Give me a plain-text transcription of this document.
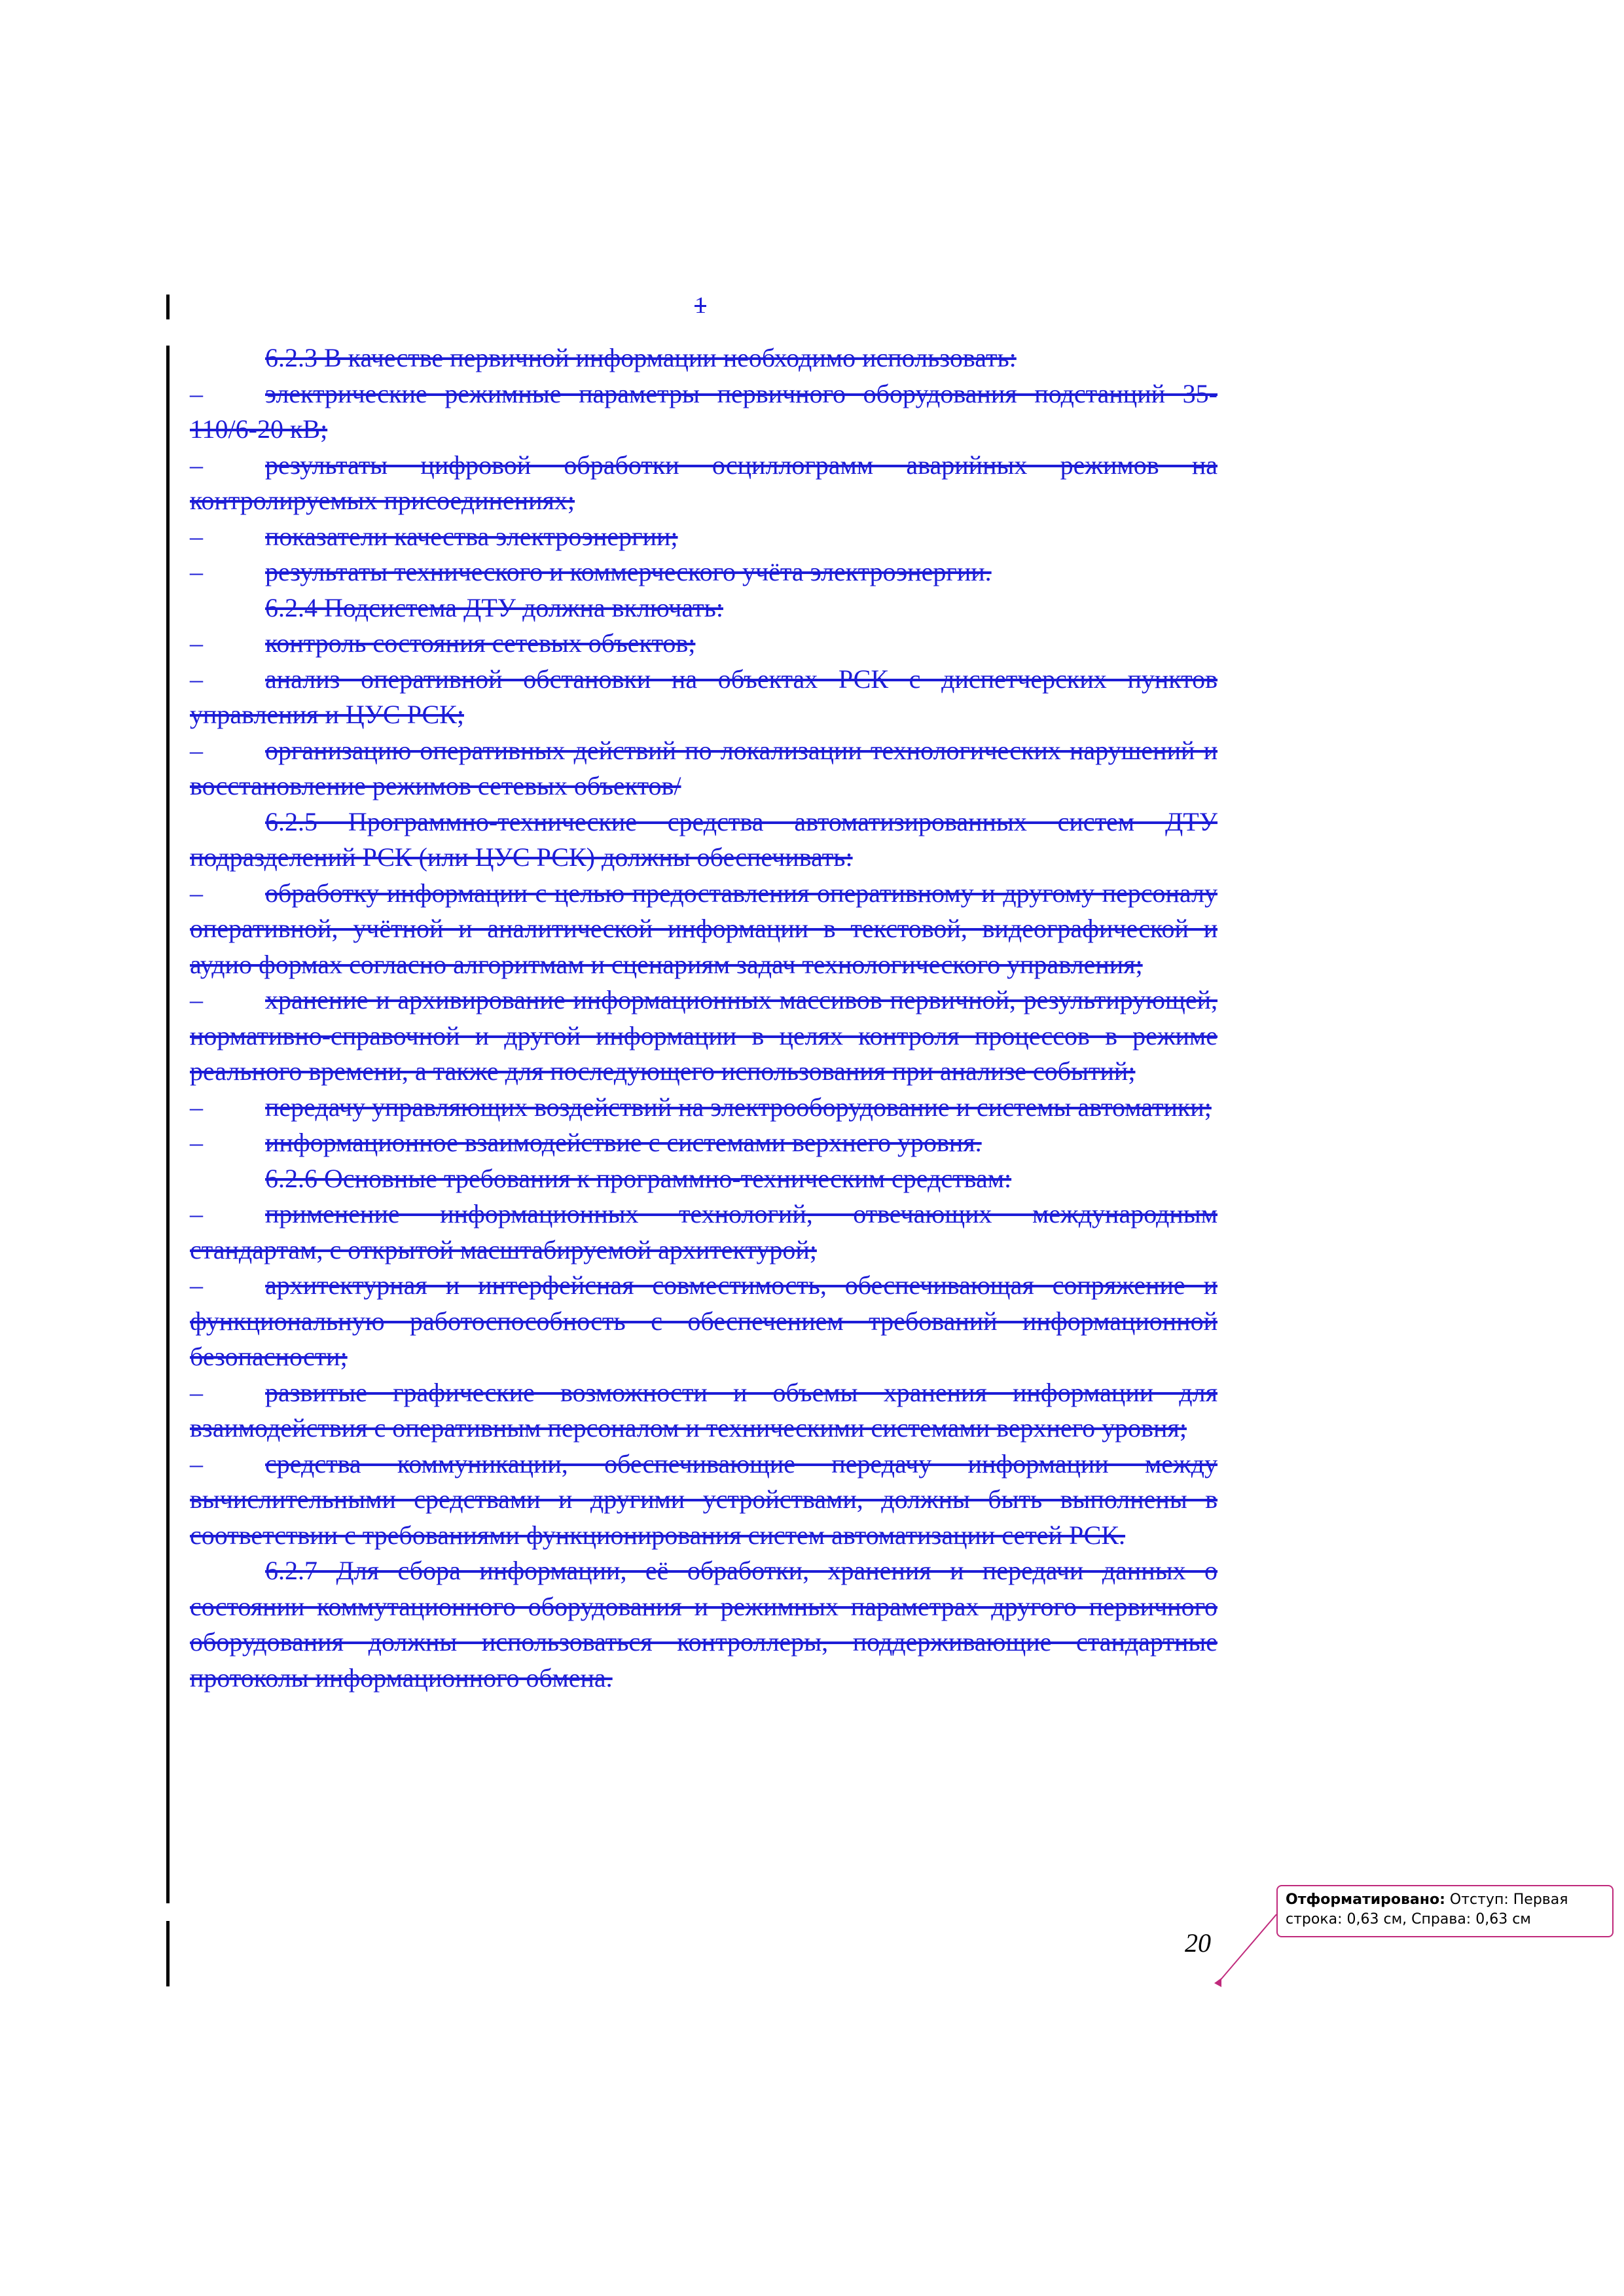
1

6.2.3 В качестве первичной информации необходимо использовать:

– электрические режимные параметры первичного оборудования подстанций 35-110/6-20 кВ;

– результаты цифровой обработки осциллограмм аварийных режимов на контролируемых присоединениях;

– показатели качества электроэнергии;

– результаты технического и коммерческого учёта электроэнергии.

6.2.4 Подсистема ДТУ должна включать:

– контроль состояния сетевых объектов;

– анализ оперативной обстановки на объектах РСК с диспетчерских пунктов управления и ЦУС РСК;

– организацию оперативных действий по локализации технологических нарушений и восстановление режимов сетевых объектов/

6.2.5 Программно-технические средства автоматизированных систем ДТУ подразделений РСК (или ЦУС РСК) должны обеспечивать:

– обработку информации с целью предоставления оперативному и другому персоналу оперативной, учётной и аналитической информации в текстовой, видеографической и аудио формах согласно алгоритмам и сценариям задач технологического управления;

– хранение и архивирование информационных массивов первичной, результирующей, нормативно-справочной и другой информации в целях контроля процессов в режиме реального времени, а также для последующего использования при анализе событий;

– передачу управляющих воздействий на электрооборудование и системы автоматики;

– информационное взаимодействие с системами верхнего уровня.

6.2.6 Основные требования к программно-техническим средствам:

– применение информационных технологий, отвечающих международным стандартам, с открытой масштабируемой архитектурой;

– архитектурная и интерфейсная совместимость, обеспечивающая сопряжение и функциональную работоспособность с обеспечением требований информационной безопасности;

– развитые графические возможности и объемы хранения информации для взаимодействия с оперативным персоналом и техническими системами верхнего уровня;

– средства коммуникации, обеспечивающие передачу информации между вычислительными средствами и другими устройствами, должны быть выполнены в соответствии с требованиями функционирования систем автоматизации сетей РСК.

6.2.7 Для сбора информации, её обработки, хранения и передачи данных о состоянии коммутационного оборудования и режимных параметрах другого первичного оборудования должны использоваться контроллеры, поддерживающие стандартные протоколы информационного обмена.

20
Отформатировано: Отступ: Первая строка: 0,63 см, Справа: 0,63 см
